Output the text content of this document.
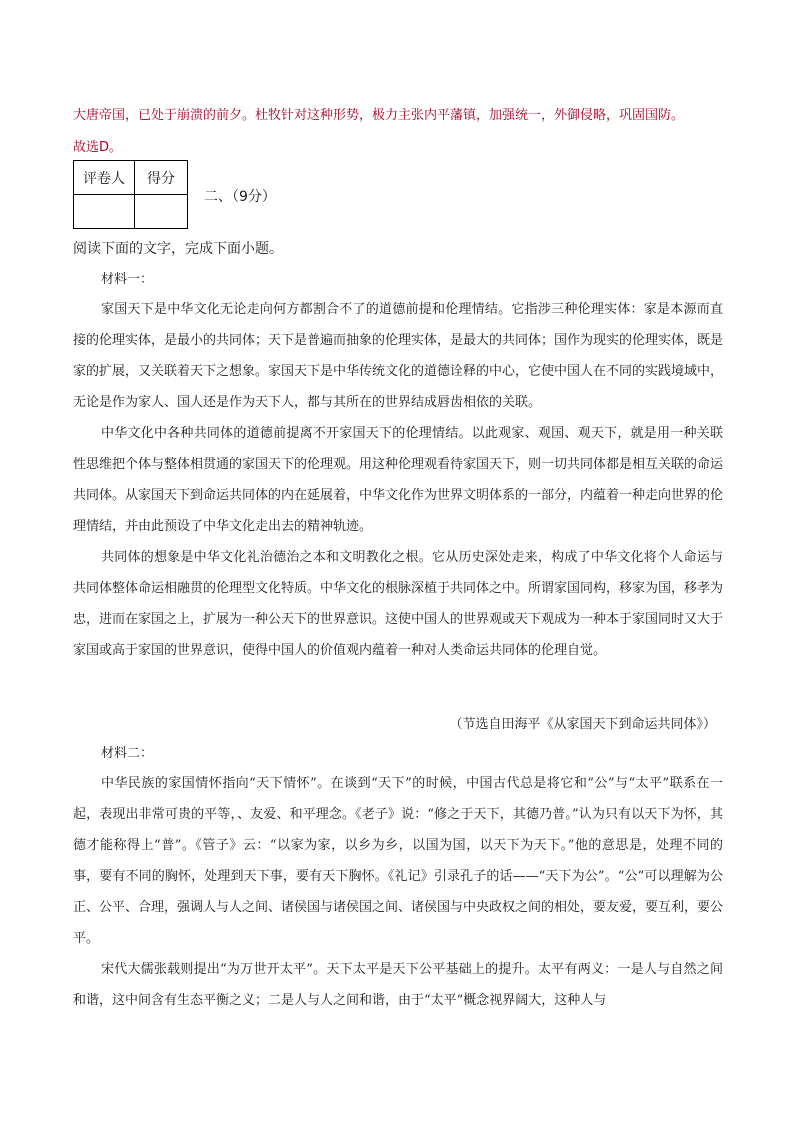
大唐帝国，已处于崩溃的前夕。杜牧针对这种形势，极力主张内平藩镇，加强统一，外御侵略，巩固国防。
故选D。
评卷人	得分

二、（9分）
阅读下面的文字，完成下面小题。
材料一：

家国天下是中华文化无论走向何方都割合不了的道德前提和伦理情结。它指涉三种伦理实体：家是本源而直接的伦理实体，是最小的共同体；天下是普遍而抽象的伦理实体，是最大的共同体；国作为现实的伦理实体，既是家的扩展，又关联着天下之想象。家国天下是中华传统文化的道德诠释的中心，它使中国人在不同的实践境域中，无论是作为家人、国人还是作为天下人，都与其所在的世界结成唇齿相依的关联。

中华文化中各种共同体的道德前提离不开家国天下的伦理情结。以此观家、观国、观天下，就是用一种关联性思维把个体与整体相贯通的家国天下的伦理观。用这种伦理观看待家国天下，则一切共同体都是相互关联的命运共同体。从家国天下到命运共同体的内在延展着，中华文化作为世界文明体系的一部分，内蕴着一种走向世界的伦理情结，并由此预设了中华文化走出去的精神轨迹。

共同体的想象是中华文化礼治德治之本和文明教化之根。它从历史深处走来，构成了中华文化将个人命运与共同体整体命运相融贯的伦理型文化特质。中华文化的根脉深植于共同体之中。所谓家国同构，移家为国，移孝为忠，进而在家国之上，扩展为一种公天下的世界意识。这使中国人的世界观或天下观成为一种本于家国同时又大于家国或高于家国的世界意识，使得中国人的价值观内蕴着一种对人类命运共同体的伦理自觉。

（节选自田海平《从家国天下到命运共同体》）
材料二：

中华民族的家国情怀指向“天下情怀”。在谈到“天下”的时候，中国古代总是将它和“公”与“太平”联系在一起，表现出非常可贵的平等，、友爱、和平理念。《老子》说：“修之于天下，其德乃普。”认为只有以天下为怀，其德才能称得上“普”。《管子》云：“以家为家，以乡为乡，以国为国，以天下为天下。”他的意思是，处理不同的事，要有不同的胸怀，处理到天下事，要有天下胸怀。《礼记》引录孔子的话——“天下为公”。“公”可以理解为公正、公平、合理，强调人与人之间、诸侯国与诸侯国之间、诸侯国与中央政权之间的相处，要友爱，要互利，要公平。

宋代大儒张载则提出“为万世开太平”。天下太平是天下公平基础上的提升。太平有两义：一是人与自然之间和谐，这中间含有生态平衡之义；二是人与人之间和谐，由于“太平”概念视界阔大，这种人与
